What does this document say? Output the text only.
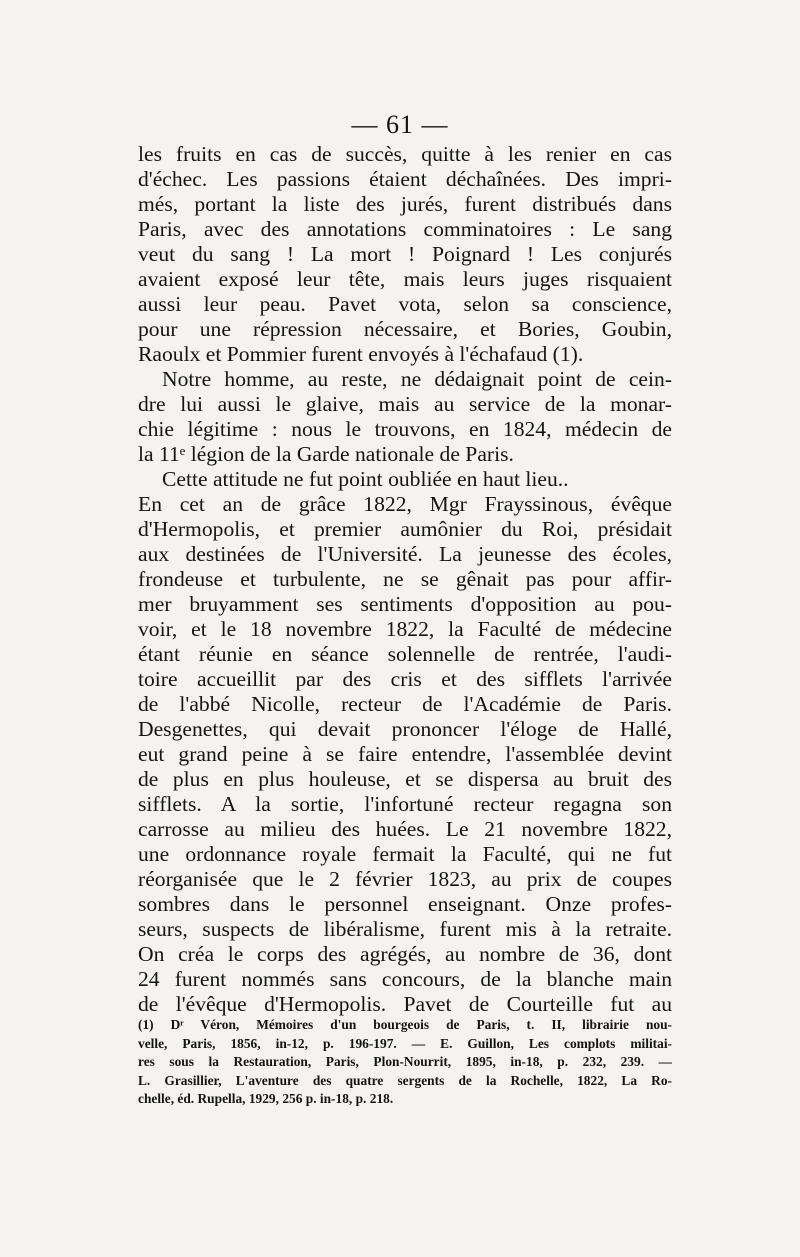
— 61 —
les fruits en cas de succès, quitte à les renier en cas
d'échec. Les passions étaient déchaînées. Des impri-
més, portant la liste des jurés, furent distribués dans
Paris, avec des annotations comminatoires : Le sang
veut du sang ! La mort ! Poignard ! Les conjurés
avaient exposé leur tête, mais leurs juges risquaient
aussi leur peau. Pavet vota, selon sa conscience,
pour une répression nécessaire, et Bories, Goubin,
Raoulx et Pommier furent envoyés à l'échafaud (1).
Notre homme, au reste, ne dédaignait point de cein-
dre lui aussi le glaive, mais au service de la monar-
chie légitime : nous le trouvons, en 1824, médecin de
la 11ᵉ légion de la Garde nationale de Paris.
Cette attitude ne fut point oubliée en haut lieu..
En cet an de grâce 1822, Mgr Frayssinous, évêque
d'Hermopolis, et premier aumônier du Roi, présidait
aux destinées de l'Université. La jeunesse des écoles,
frondeuse et turbulente, ne se gênait pas pour affir-
mer bruyamment ses sentiments d'opposition au pou-
voir, et le 18 novembre 1822, la Faculté de médecine
étant réunie en séance solennelle de rentrée, l'audi-
toire accueillit par des cris et des sifflets l'arrivée
de l'abbé Nicolle, recteur de l'Académie de Paris.
Desgenettes, qui devait prononcer l'éloge de Hallé,
eut grand peine à se faire entendre, l'assemblée devint
de plus en plus houleuse, et se dispersa au bruit des
sifflets. A la sortie, l'infortuné recteur regagna son
carrosse au milieu des huées. Le 21 novembre 1822,
une ordonnance royale fermait la Faculté, qui ne fut
réorganisée que le 2 février 1823, au prix de coupes
sombres dans le personnel enseignant. Onze profes-
seurs, suspects de libéralisme, furent mis à la retraite.
On créa le corps des agrégés, au nombre de 36, dont
24 furent nommés sans concours, de la blanche main
de l'évêque d'Hermopolis. Pavet de Courteille fut au
(1) Dʳ Véron, Mémoires d'un bourgeois de Paris, t. II, librairie nou-
velle, Paris, 1856, in-12, p. 196-197. — E. Guillon, Les complots militai-
res sous la Restauration, Paris, Plon-Nourrit, 1895, in-18, p. 232, 239. —
L. Grasillier, L'aventure des quatre sergents de la Rochelle, 1822, La Ro-
chelle, éd. Rupella, 1929, 256 p. in-18, p. 218.
